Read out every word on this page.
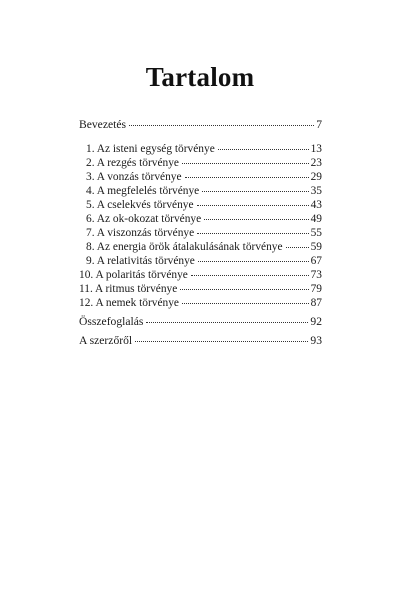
Tartalom
Bevezetés	7
1. Az isteni egység törvénye	13
2. A rezgés törvénye	23
3. A vonzás törvénye	29
4. A megfelelés törvénye	35
5. A cselekvés törvénye	43
6. Az ok-okozat törvénye	49
7. A viszonzás törvénye	55
8. Az energia örök átalakulásának törvénye 59
9. A relativitás törvénye	67
10. A polaritás törvénye	73
11. A ritmus törvénye	79
12. A nemek törvénye	87
Összefoglalás	92
A szerzőről	93
